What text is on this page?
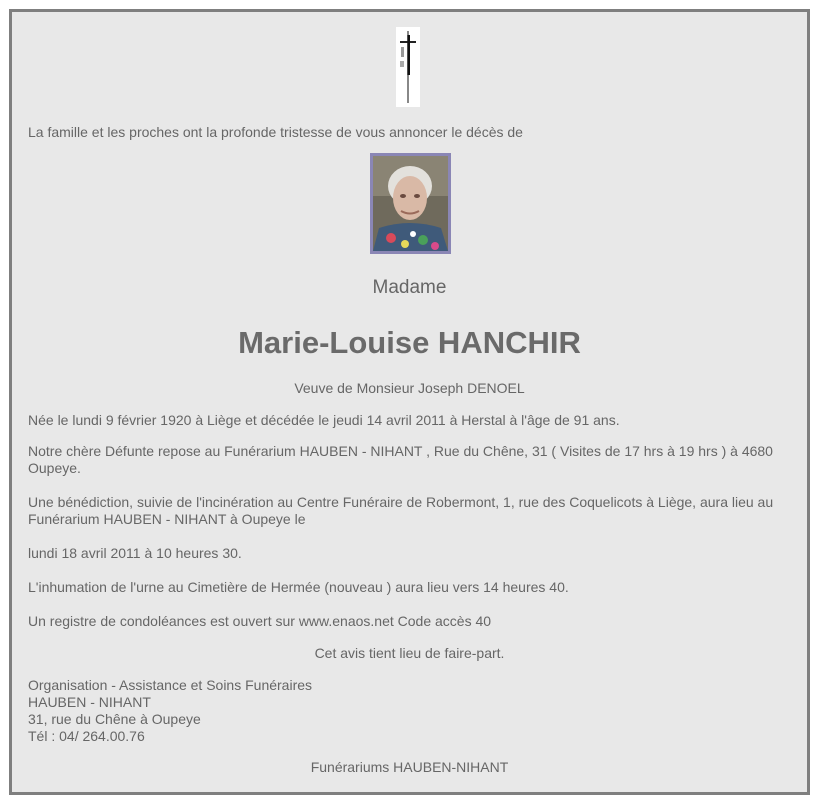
La famille et les proches ont la profonde tristesse de vous annoncer le décès de
Madame
Marie-Louise HANCHIR
Veuve de Monsieur Joseph DENOEL
Née le lundi 9 février 1920 à Liège et décédée le jeudi 14 avril 2011 à Herstal à l'âge de 91 ans.
Notre chère Défunte repose au Funérarium HAUBEN - NIHANT , Rue du Chêne, 31 ( Visites de 17 hrs à 19 hrs ) à 4680 Oupeye.
Une bénédiction, suivie de l'incinération au Centre Funéraire de Robermont, 1, rue des Coquelicots à Liège, aura lieu au Funérarium HAUBEN - NIHANT à Oupeye le
lundi 18 avril 2011 à 10 heures 30.
L'inhumation de l'urne au Cimetière de Hermée (nouveau ) aura lieu vers 14 heures 40.
Un registre de condoléances est ouvert sur www.enaos.net Code accès 40
Cet avis tient lieu de faire-part.
Organisation - Assistance et Soins Funéraires
HAUBEN - NIHANT
31, rue du Chêne à Oupeye
Tél : 04/ 264.00.76
Funérariums HAUBEN-NIHANT
